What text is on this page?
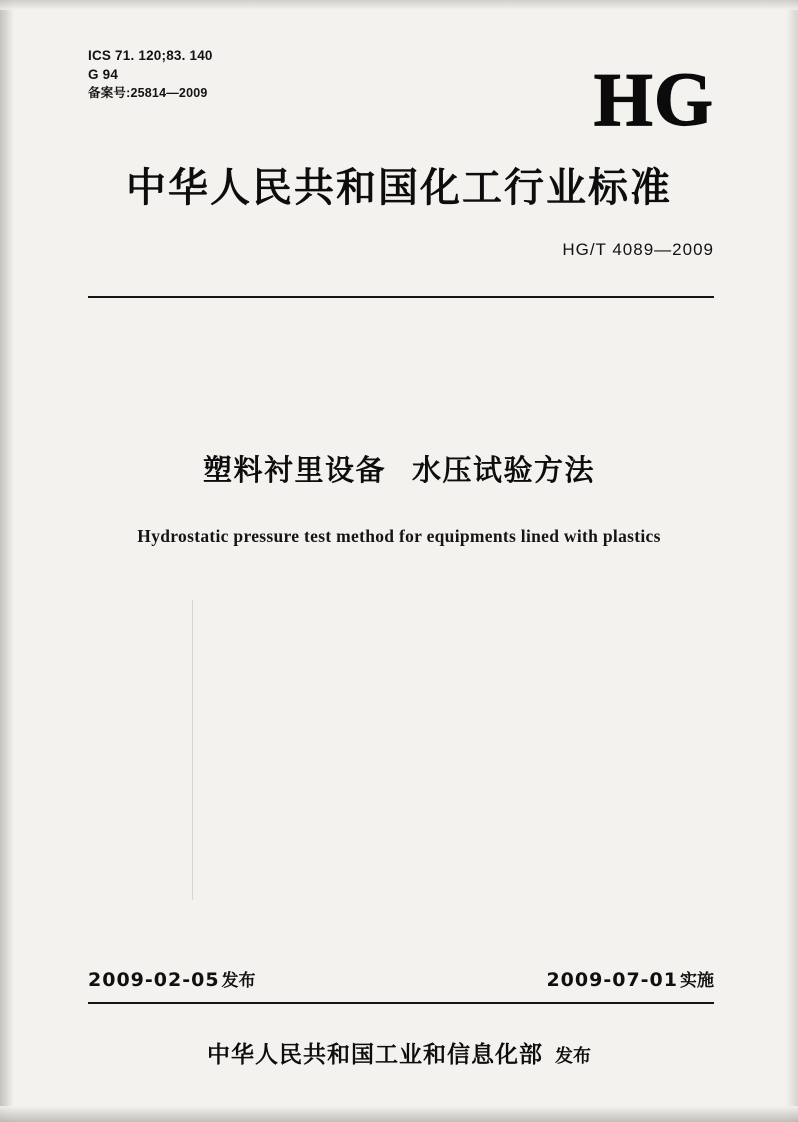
ICS 71. 120;83. 140
G 94
备案号:25814—2009	HG
中华人民共和国化工行业标准
HG/T 4089—2009
塑料衬里设备 水压试验方法
Hydrostatic pressure test method for equipments lined with plastics
2009-02-05 发布	2009-07-01 实施
中华人民共和国工业和信息化部 发布
